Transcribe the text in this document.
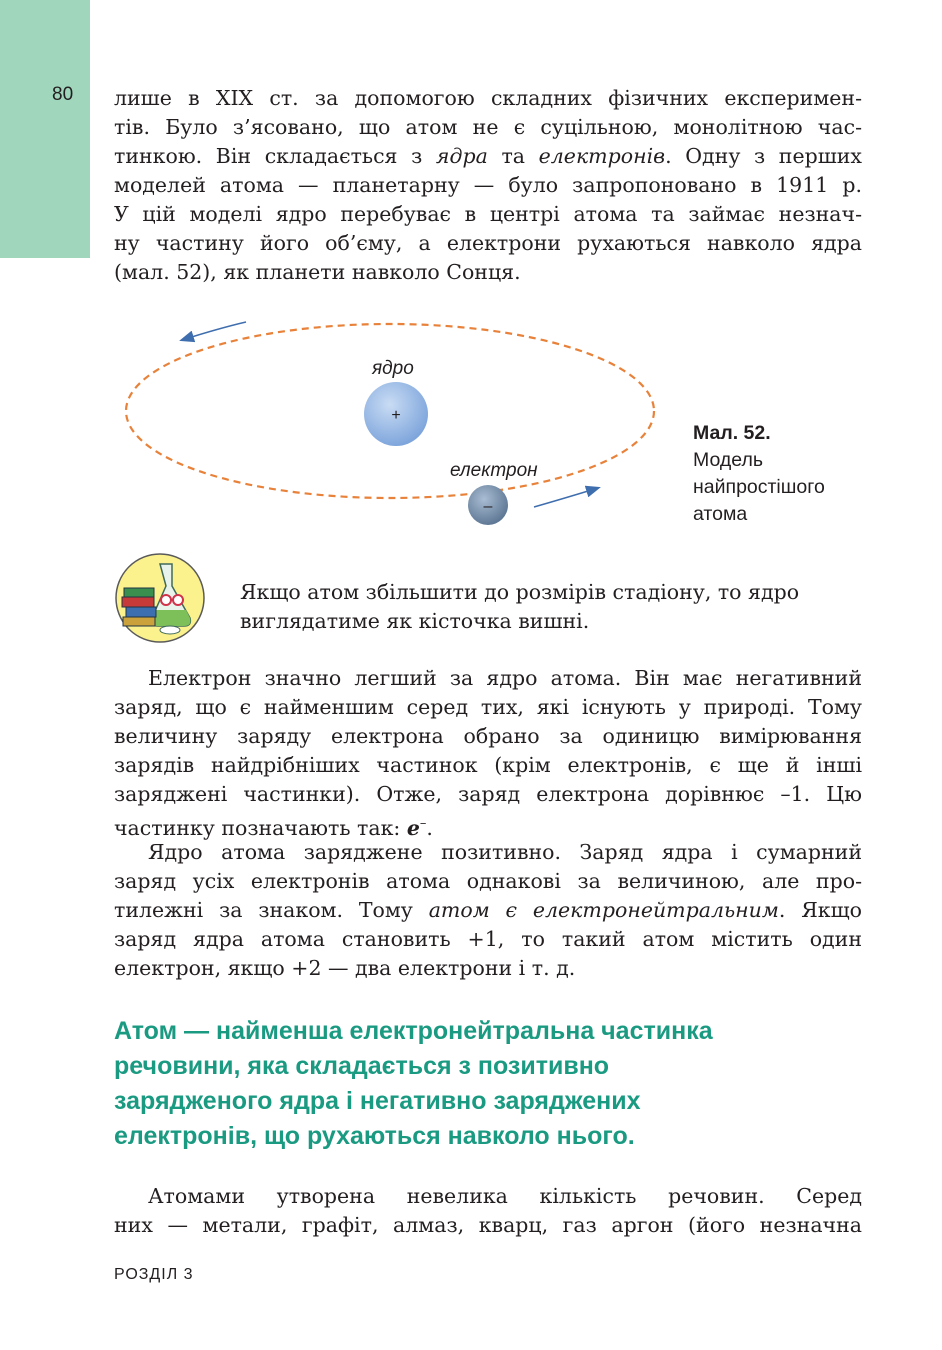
80 лише в XIX ст. за допомогою складних фізичних експеримен-
тів. Було з’ясовано, що атом не є суцільною, монолітною час-
тинкою. Він складається з ядра та електронів. Одну з перших
моделей атома — планетарну — було запропоновано в 1911 р.
У цій моделі ядро перебуває в центрі атома та займає незнач-
ну частину його об’єму, а електрони рухаються навколо ядра
(мал. 52), як планети навколо Сонця.
ядро
+
електрон
–
Мал. 52.
Модель
найпростішого
атома
Якщо атом збільшити до розмірів стадіону, то ядро
виглядатиме як кісточка вишні.
Електрон значно легший за ядро атома. Він має негативний
заряд, що є найменшим серед тих, які існують у природі. Тому
величину заряду електрона обрано за одиницю вимірювання
зарядів найдрібніших частинок (крім електронів, є ще й інші
заряджені частинки). Отже, заряд електрона дорівнює –1. Цю
частинку позначають так: e–.
Ядро атома заряджене позитивно. Заряд ядра і сумарний
заряд усіх електронів атома однакові за величиною, але про-
тилежні за знаком. Тому атом є електронейтральним. Якщо
заряд ядра атома становить +1, то такий атом містить один
електрон, якщо +2 — два електрони і т. д.
Атом — найменша електронейтральна частинка
речовини, яка складається з позитивно
зарядженого ядра і негативно заряджених
електронів, що рухаються навколо нього.
Атомами утворена невелика кількість речовин. Серед
них — метали, графіт, алмаз, кварц, газ аргон (його незначна
РОЗДІЛ 3
